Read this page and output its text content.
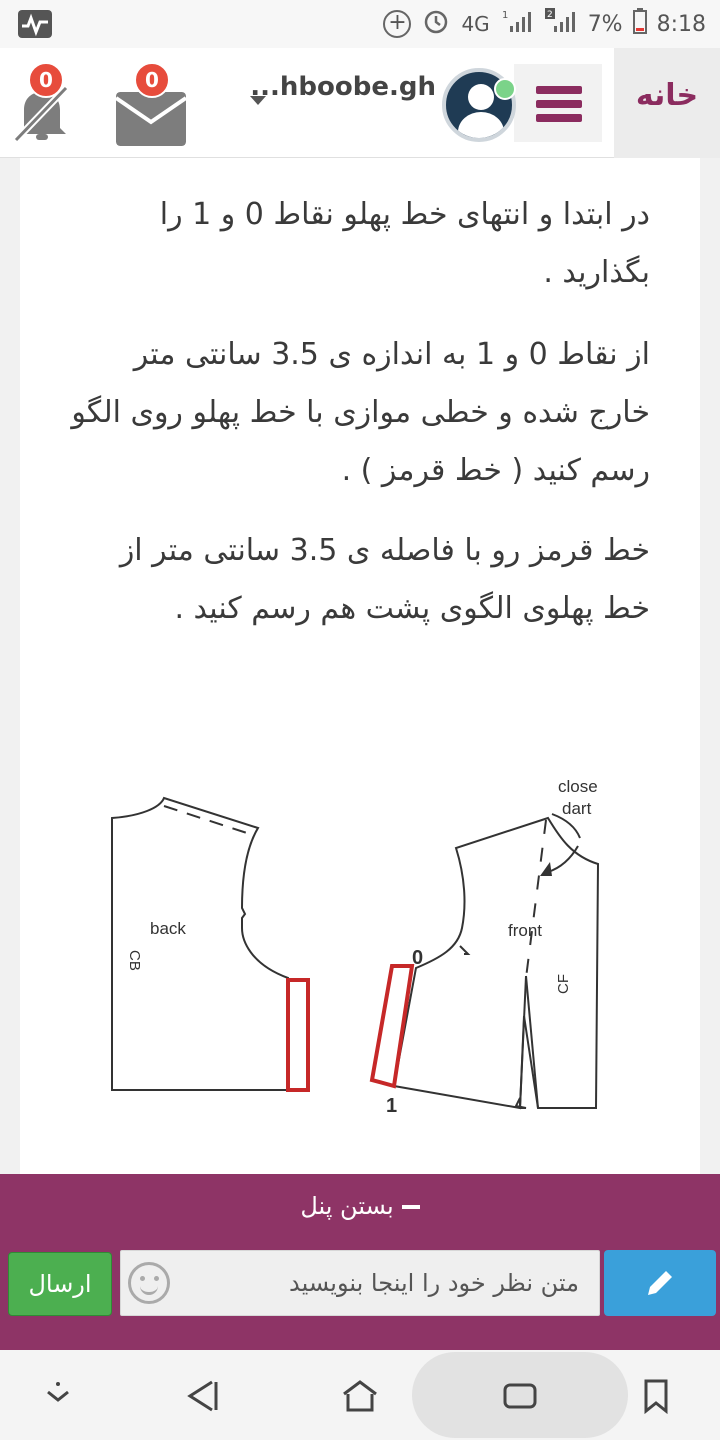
+	4G 1	2 7% 8:18
خانه
...hboobe.gh
0
0
در ابتدا و انتهای خط پهلو نقاط 0 و 1 را بگذارید .
از نقاط 0 و 1 به اندازه ی 3.5 سانتی متر خارج شده و خطی موازی با خط پهلو روی الگو رسم کنید ( خط قرمز ) .
خط قرمز رو با فاصله ی 3.5 سانتی متر از خط پهلوی الگوی پشت هم رسم کنید .
back
CB
front
CF
close
dart
0
1
بستن پنل
ارسال	متن نظر خود را اینجا بنویسید
